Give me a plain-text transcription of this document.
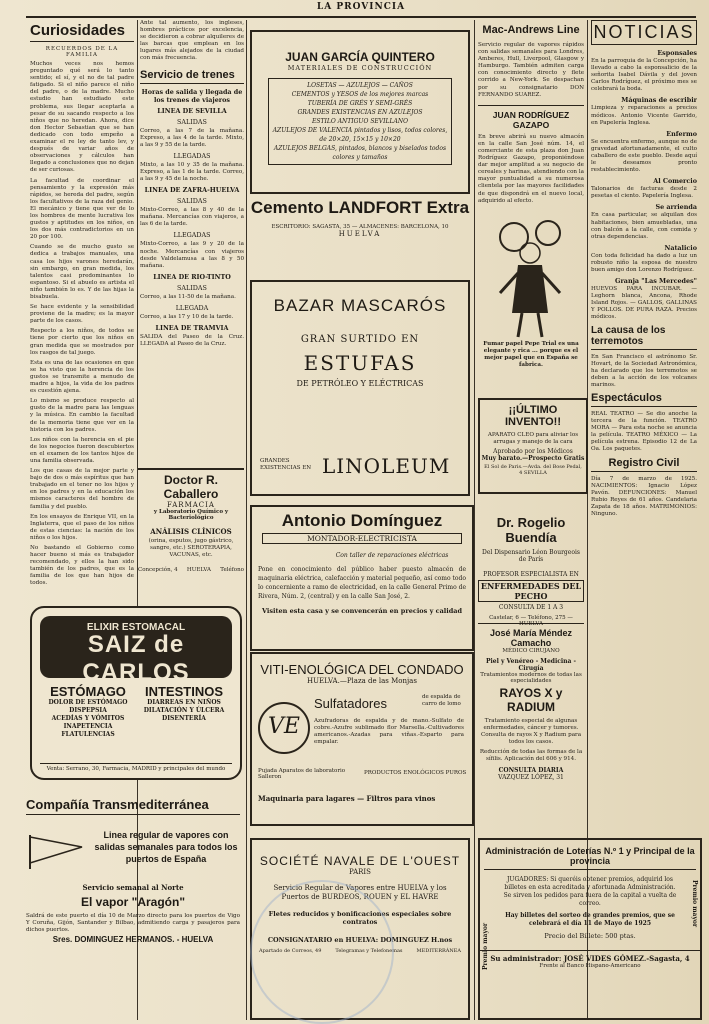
LA PROVINCIA
Curiosidades
RECUERDOS DE LA FAMILIA

Muchos veces nos hemos preguntado qué será lo tanto sentido; el sí, y el no de tal padre fatigado. Si el niño parece el niño del padre, o de la madre. Mucho estudio han estudiado este problema, sus llegar aceptarla a pesar de su sacando respecto a los niños que no heredan. Ahora, dice don Hector Sebastian que se han dedicado con todo empeño a examinar el re ley de tanto lev, y después de variar años de observaciones y cálculos han llegado a conclusiones que no dejan de ser curiosas.

La facultad de coordinar el pensamiento y la expresión más rápidos, se hereda del padre, según los facultativos de la raza del genio. El mecánico y tiene que ver de lo los hombres de mente lucrativa los gustos y aptitudes en los niños, en los dos más contradictorios en un 20 por 100.

Cuando se de mucho gusto se dedica a trabajos manuales, una casa los hijos varones heredarán, sin embargo, en gran medida, los talentos casi predominantes lo espantoso. Si el abuelo es artista el niño también lo es. Y de las hijas la bisabuela.

Se hace evidente y la sensibilidad proviene de la madre; es la mayor parte de los casos.

Respecto a los niños, de todos se tiene por cierto que los niños en gran medida que se mostrados por los rasgos de tal juego.

Esta es una de las ocasiones en que se ha visto que la herencia de los gustos se transmite a menudo de madre a hijos, la vida de los padres es cuestión ajena.

Lo mismo se produce respecto al gusto de la madre para las lenguas y la música. En cambio la facultad de la memoria tiene que ver en la historia con los padres.

Los niños con la herencia en el pie de los negocios fueron descubiertos en el examen de los tantos hijos de una familia observada.

Los que casas de la mejor parte y bajo de dos o más espíritus que han trabajado en el tener no los hijos y en los padres y en la educación los mismos caracteres del hombre de familia y del pueblo.

En los ensayos de Enrique VII, en la Inglaterra, que el paso de los niños de estas ciencias: la nación de los niños o los hijos.

No bastando el Gobierno como hacer bueno si más es trabajador recomendado, y ellos la han sido también de los padres, que es la familia de los que han hijos de todos.

ELIXIR ESTOMACAL
SAIZ de CARLOS
(STOMALIX)
ESTÓMAGO
DOLOR DE ESTÓMAGO
DISPEPSIA
ACEDÍAS Y VÓMITOS
INAPETENCIA
FLATULENCIAS
INTESTINOS
DIARREAS EN NIÑOS
DILATACIÓN Y ÚLCERA
DISENTERÍA
Venta: Serrano, 30, Farmacia, MADRID y principales del mundo
Compañía Transmediterránea
Linea regular de vapores con salidas semanales para todos los puertos de España
Servicio semanal al Norte
El vapor "Aragón"
Saldrá de este puerto el día 10 de Marzo directo para los puertos de Vigo Y Coruña, Gijón, Santander y Bilbao, admitiendo carga y pasajeros para dichos puertos.
Sres. DOMINGUEZ HERMANOS. - HUELVA

Ante tal aumento, los ingleses, hombres prácticos por excelencia, se decidieron a cobrar alquileres de las barcas que emplean en los lugares más alejados de la ciudad con más frecuencia.

Servicio de trenes
Horas de salida y llegada de los trenes de viajeros
LINEA DE SEVILLA
SALIDAS

Correo, a las 7 de la mañana. Expreso, a las 4 de la tarde. Mixto, a las 9 y 55 de la tarde.

LLEGADAS

Mixto, a las 10 y 35 de la mañana. Expreso, a las 1 de la tarde. Correo, a las 9 y 45 de la noche.

LINEA DE ZAFRA-HUELVA
SALIDAS

Mixto-Correo, a las 8 y 40 de la mañana. Mercancías con viajeros, a las 6 de la tarde.

LLEGADAS

Mixto-Correo, a las 9 y 20 de la noche. Mercancías con viajeros desde Valdelamusa a las 8 y 50 mañana.

LINEA DE RIO-TINTO
SALIDAS

Correo, a las 11-50 de la mañana.

LLEGADA

Correo, a las 17 y 10 de la tarde.

LINEA DE TRAMVIA

SALIDA del Paseo de la Cruz. LLEGADA al Paseo de la Cruz.

Doctor R. Caballero
FARMACIA
y Laboratorio Químico y Bacteriológico
ANÁLISIS CLÍNICOS
(orina, esputos, jugo gástrico, sangre, etc.) SEROTERAPIA, VACUNAS, etc.
Concepción, 4 HUELVA Teléfono
JUAN GARCÍA QUINTERO
MATERIALES DE CONSTRUCCIÓN
LOSETAS — AZULEJOS — CAÑOS
CEMENTOS y YESOS de los mejores marcas
TUBERÍA DE GRÉS Y SEMI-GRÉS
GRANDES EXISTENCIAS EN AZULEJOS
ESTILO ANTIGUO SEVILLANO
AZULEJOS DE VALENCIA pintados y lisos, todos colores, de 20×20, 15×15 y 10×20
AZULEJOS BELGAS, pintados, blancos y biselados todos colores y tamaños
Cemento LANDFORT Extra
ESCRITORIO: SAGASTA, 35 — ALMACENES: BARCELONA, 10
HUELVA
BAZAR MASCARÓS
GRAN SURTIDO EN
ESTUFAS
DE PETRÓLEO Y ELÉCTRICAS
GRANDES EXISTENCIAS EN LINOLEUM
Antonio Domínguez
MONTADOR-ELECTRICISTA
Con taller de reparaciones eléctricas

Pone en conocimiento del público haber puesto almacén de maquinaria eléctrica, calefacción y material pequeño, así como todo lo concerniente a ramo de electricidad, en la calle General Primo de Rivera, Núm. 2, (central) y en la calle San José, 2.

Visiten esta casa y se convencerán en precios y calidad
VITI-ENOLÓGICA DEL CONDADO
HUELVA.—Plaza de las Monjas
VE
Sulfatadores	de espalda de carro de lomo
Azufradoras de espalda y de mano.-Sulfato de cobre.-Azufre sublimado flor Marsella.-Cultivadores americanos.-Azadas para viñas.-Esparto para empalar.
Pujada Aparatos de laboratorio Salleron
PRODUCTOS ENOLÓGICOS PUROS
Maquinaria para lagares — Filtros para vinos
SOCIÉTÉ NAVALE DE L'OUEST
PARIS

Servicio Regular de Vapores entre HUELVA y los Puertos de BURDEOS, ROUEN y EL HAVRE

Fletes reducidos y bonificaciones especiales sobre contratos
CONSIGNATARIO en HUELVA: DOMINGUEZ H.nos
Apartado de Correos, 49	Telegramas y Telefonemas	MEDITERRÁNEA
Mac-Andrews Line

Servicio regular de vapores rápidos con salidas semanales para Londres, Amberes, Hull, Liverpool, Glasgow y Hamburgo. También admiten carga con conocimiento directo y flete corrido a New-York. Se despachan por su consignatario DON FERNANDO SUAREZ.

JUAN RODRÍGUEZ GAZAPO

En breve abrirá su nuevo almacén en la calle San José núm. 14, el comerciante de esta plaza don Juan Rodríguez Gazapo, proponiéndose dar mejor amplitud a su negocio de cereales y harinas, atendiendo con la mayor puntualidad a su numerosa clientela por las mayores facilidades de que dispondrá en el nuevo local, adquirido al efecto.

Fumar papel Pepe Trial es una elegante y rica ... porque es el mejor papel que en España se fabrica.

¡¡ÚLTIMO INVENTO!!

APARATO CLEO para aliviar los arrugas y manejo de la cara

Aprobado por los Médicos
Muy barato.—Prospecto Gratis
El Sol de Paris.—Avda. del Bose Pedal, 4 SEVILLA
Dr. Rogelio Buendía
Del Dispensario Léon Bourgeois de París
PROFESOR ESPECIALISTA EN
ENFERMEDADES DEL PECHO
CONSULTA DE 1 A 3
Castelar, 6 — Teléfono, 275 — HUELVA
José María Méndez Camacho
MÉDICO CIRUJANO
Piel y Venéreo - Medicina - Cirugía
Tratamientos modernos de todas las especialidades
RAYOS X y RADIUM

Tratamiento especial de algunas enfermedades, cáncer y tumores. Consulta de rayos X y Radium para todos los casos.

Reducción de todas las formas de la sífilis. Aplicación del 606 y 914.

CONSULTA DIARIA
VAZQUEZ LÓPEZ, 31
NOTICIAS
Esponsales

En la parroquia de la Concepción, ha llevado a cabo la esponsalicio de la señorita Isabel Dávila y del joven Carlos Rodríguez, el próximo mes se celebrará la boda.

Máquinas de escribir

Limpieza y reparaciones a precios módicos. Antonio Vicente Garrido, en Papelería Inglesa.

Enfermo

Se encuentra enfermo, aunque no de gravedad afortunadamente, el culto caballero de este pueblo. Desde aquí le deseamos pronto restablecimiento.

Al Comercio

Talonarios de facturas desde 2 pesetas el ciento. Papelería Inglesa.

Se arrienda

En casa particular, se alquilan dos habitaciones, bien amuebladas, una con balcón a la calle, con comida y otras dependencias.

Natalicio

Con toda felicidad ha dado a luz un robusto niño la esposa de nuestro buen amigo don Lorenzo Rodríguez.

Granja "Las Mercedes"

HUEVOS PARA INCUBAR. — Leghorn blanca, Ancona, Rhode Island Rojos. — GALLOS, GALLINAS Y POLLOS. DE PURA RAZA. Precios módicos.

La causa de los terremotos

En San Francisco el astrónomo Sr. Hovart, de la Sociedad Astronómica, ha declarado que los terremotos se deben a la acción de los volcanes marinos.

Espectáculos

REAL TEATRO — Se dio anoche la tercera de la función. TEATRO MORA — Para esta noche se anuncia la película. TEATRO MÉXICO — La película estrena. Episodio 12 de La Oa. Los paquetes.

Registro Civil

Día 7 de marzo de 1925. NACIMIENTOS: Ignacio López Pavón. DEFUNCIONES: Manuel Rubio Reyes de 61 años. Candelaria Zapata de 18 años. MATRIMONIOS: Ninguno.

Administración de Loterías N.º 1 y Principal de la provincia
Premio mayor
Premio mayor

JUGADORES: Si queréis obtener premios, adquirid los billetes en esta acreditada y afortunada Administración. Se sirven los pedidos para fuera de la capital a vuelta de correo.

Hay billetes del sorteo de grandes premios, que se celebrará el día 11 de Mayo de 1925

Precio del Billete: 500 ptas.
Su administrador: JOSÉ VIDES GÓMEZ.-Sagasta, 4
Frente al Banco Hispano-Americano
